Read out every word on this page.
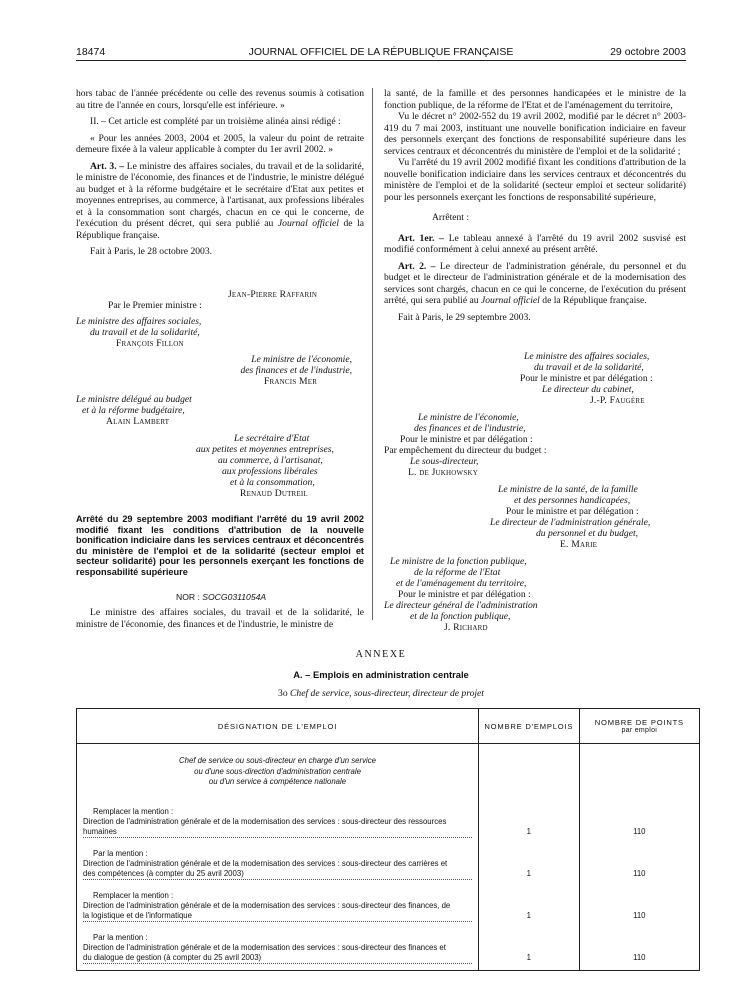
18474	JOURNAL OFFICIEL DE LA RÉPUBLIQUE FRANÇAISE	29 octobre 2003

hors tabac de l'année précédente ou celle des revenus soumis à cotisation au titre de l'année en cours, lorsqu'elle est inférieure. »

II. – Cet article est complété par un troisième alinéa ainsi rédigé :

« Pour les années 2003, 2004 et 2005, la valeur du point de retraite demeure fixée à la valeur applicable à compter du 1er avril 2002. »

Art. 3. – Le ministre des affaires sociales, du travail et de la solidarité, le ministre de l'économie, des finances et de l'industrie, le ministre délégué au budget et à la réforme budgétaire et le secrétaire d'Etat aux petites et moyennes entreprises, au commerce, à l'artisanat, aux professions libérales et à la consommation sont chargés, chacun en ce qui le concerne, de l'exécution du présent décret, qui sera publié au Journal officiel de la République française.

Fait à Paris, le 28 octobre 2003.

Jean-Pierre Raffarin
Par le Premier ministre :
Le ministre des affaires sociales,
du travail et de la solidarité,
François Fillon
Le ministre de l'économie,
des finances et de l'industrie,
Francis Mer
Le ministre délégué au budget
et à la réforme budgétaire,
Alain Lambert
Le secrétaire d'Etat
aux petites et moyennes entreprises,
au commerce, à l'artisanat,
aux professions libérales
et à la consommation,
Renaud Dutreil
Arrêté du 29 septembre 2003 modifiant l'arrêté du 19 avril 2002 modifié fixant les conditions d'attribution de la nouvelle bonification indiciaire dans les services centraux et déconcentrés du ministère de l'emploi et de la solidarité (secteur emploi et secteur solidarité) pour les personnels exerçant les fonctions de responsabilité supérieure
NOR : SOCG0311054A

Le ministre des affaires sociales, du travail et de la solidarité, le ministre de l'économie, des finances et de l'industrie, le ministre de

la santé, de la famille et des personnes handicapées et le ministre de la fonction publique, de la réforme de l'Etat et de l'aménagement du territoire,

Vu le décret n° 2002-552 du 19 avril 2002, modifié par le décret n° 2003-419 du 7 mai 2003, instituant une nouvelle bonification indiciaire en faveur des personnels exerçant des fonctions de responsabilité supérieure dans les services centraux et déconcentrés du ministère de l'emploi et de la solidarité ;

Vu l'arrêté du 19 avril 2002 modifié fixant les conditions d'attribution de la nouvelle bonification indiciaire dans les services centraux et déconcentrés du ministère de l'emploi et de la solidarité (secteur emploi et secteur solidarité) pour les personnels exerçant les fonctions de responsabilité supérieure,

Arrêtent :

Art. 1er. – Le tableau annexé à l'arrêté du 19 avril 2002 susvisé est modifié conformément à celui annexé au présent arrêté.

Art. 2. – Le directeur de l'administration générale, du personnel et du budget et le directeur de l'administration générale et de la modernisation des services sont chargés, chacun en ce qui le concerne, de l'exécution du présent arrêté, qui sera publié au Journal officiel de la République française.

Fait à Paris, le 29 septembre 2003.

Le ministre des affaires sociales,
du travail et de la solidarité,
Pour le ministre et par délégation :
Le directeur du cabinet,
J.-P. Faugère
Le ministre de l'économie,
des finances et de l'industrie,
Pour le ministre et par délégation :
Par empêchement du directeur du budget :
Le sous-directeur,
L. de Jukhowsky
Le ministre de la santé, de la famille
et des personnes handicapées,
Pour le ministre et par délégation :
Le directeur de l'administration générale,
du personnel et du budget,
E. Marie
Le ministre de la fonction publique,
de la réforme de l'Etat
et de l'aménagement du territoire,
Pour le ministre et par délégation :
Le directeur général de l'administration
et de la fonction publique,
J. Richard
ANNEXE
A. – Emplois en administration centrale
3o Chef de service, sous-directeur, directeur de projet
DÉSIGNATION DE L'EMPLOI	NOMBRE D'EMPLOIS	NOMBRE DE POINTS
par emploi

Chef de service ou sous-directeur en charge d'un service
ou d'une sous-direction d'administration centrale
ou d'un service à compétence nationale		

Remplacer la mention :		

Direction de l'administration générale et de la modernisation des services : sous-directeur des ressources
humaines	1	110
Par la mention :		

Direction de l'administration générale et de la modernisation des services : sous-directeur des carrières et
des compétences (à compter du 25 avril 2003)	1	110
Remplacer la mention :		

Direction de l'administration générale et de la modernisation des services : sous-directeur des finances, de
la logistique et de l'informatique	1	110
Par la mention :		

Direction de l'administration générale et de la modernisation des services : sous-directeur des finances et
du dialogue de gestion (à compter du 25 avril 2003)	1	110
